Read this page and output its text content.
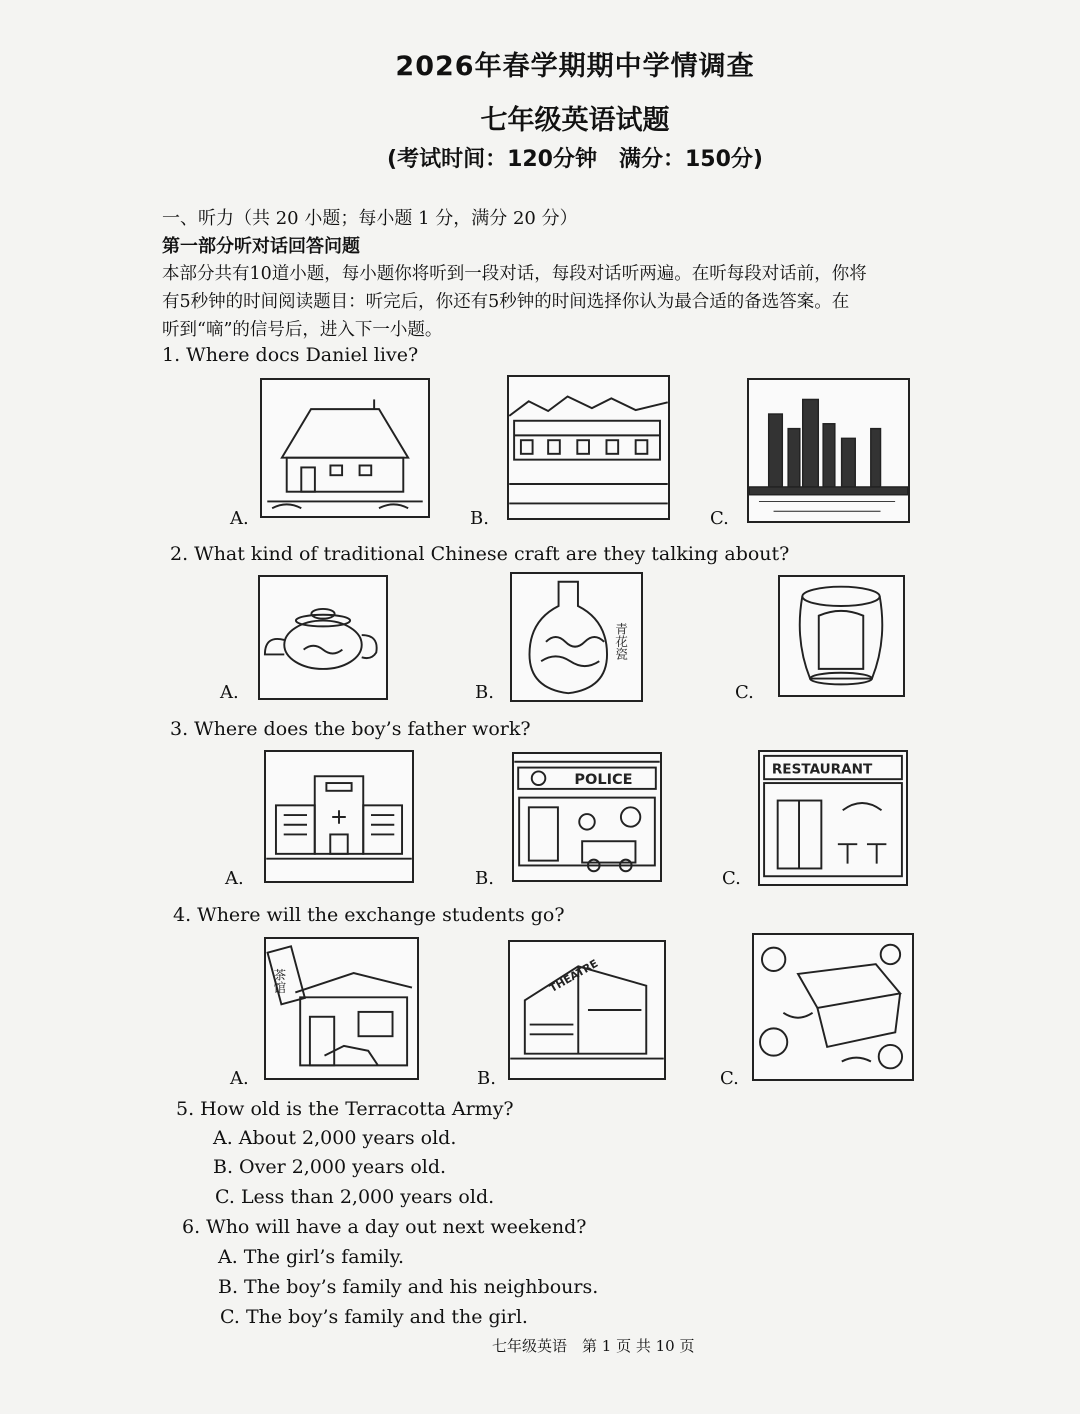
2026年春学期期中学情调查
七年级英语试题
(考试时间：120分钟　满分：150分)
一、听力（共 20 小题；每小题 1 分，满分 20 分）
第一部分听对话回答问题
本部分共有10道小题，每小题你将听到一段对话，每段对话听两遍。在听每段对话前，你将
有5秒钟的时间阅读题目：听完后，你还有5秒钟的时间选择你认为最合适的备选答案。在
听到“嘀”的信号后，进入下一小题。
1. Where docs Daniel live?
A.	B.	C.
2. What kind of traditional Chinese craft are they talking about?
A.	B.
青花瓷
C.
3. Where does the boy’s father work?
A.	B.
POLICE
C.
RESTAURANT
4. Where will the exchange students go?
A.
茶馆
B.
THEATRE
C.
5. How old is the Terracotta Army?
A. About 2,000 years old.
B. Over 2,000 years old.
C. Less than 2,000 years old.
6. Who will have a day out next weekend?
A. The girl’s family.
B. The boy’s family and his neighbours.
C. The boy’s family and the girl.
七年级英语　第 1 页 共 10 页
